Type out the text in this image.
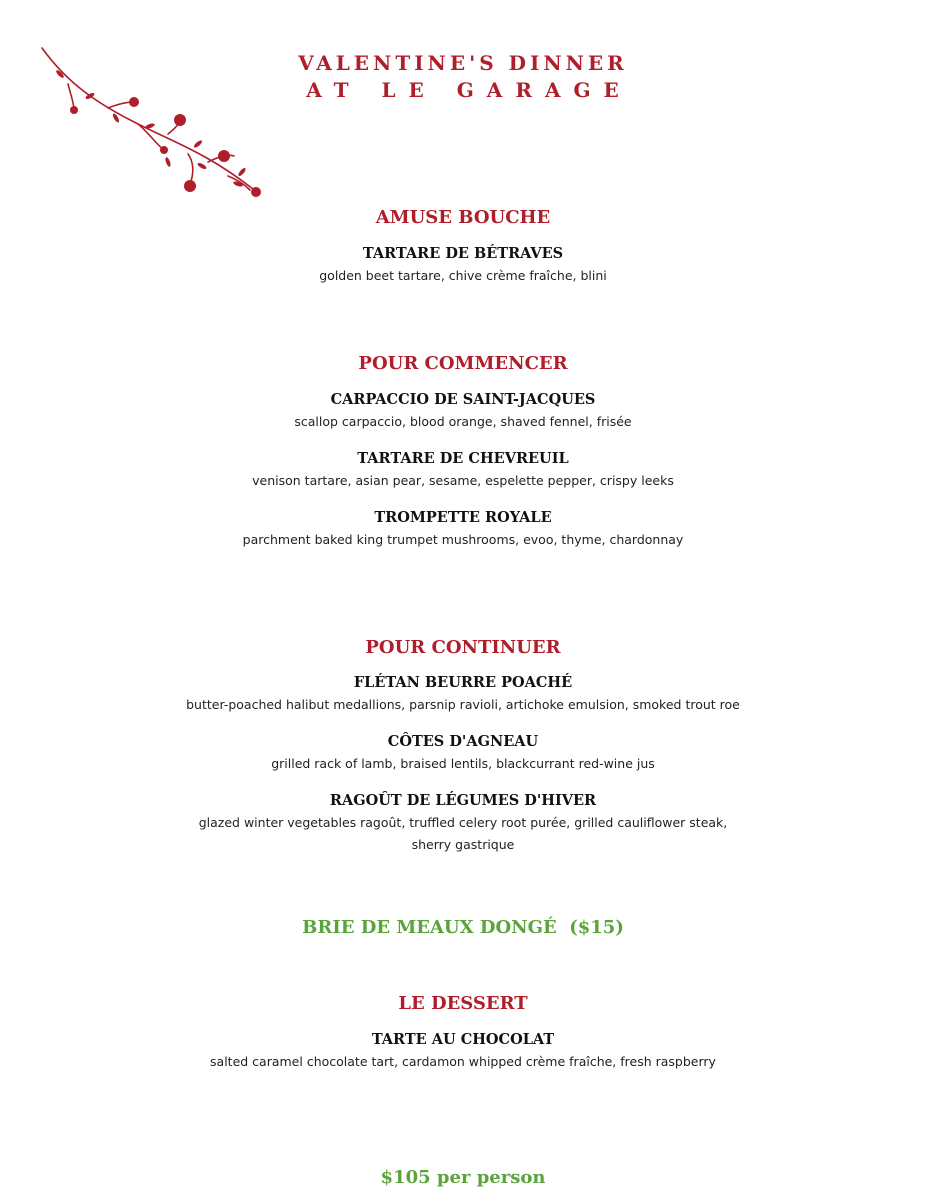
VALENTINE'S DINNER
AT LE GARAGE

AMUSE BOUCHE

TARTARE DE BÉTRAVES

golden beet tartare, chive crème fraîche, blini

POUR COMMENCER

CARPACCIO DE SAINT-JACQUES

scallop carpaccio, blood orange, shaved fennel, frisée

TARTARE DE CHEVREUIL

venison tartare, asian pear, sesame, espelette pepper, crispy leeks

TROMPETTE ROYALE

parchment baked king trumpet mushrooms, evoo, thyme, chardonnay

POUR CONTINUER

FLÉTAN BEURRE POACHÉ

butter-poached halibut medallions, parsnip ravioli, artichoke emulsion, smoked trout roe

CÔTES D'AGNEAU

grilled rack of lamb, braised lentils, blackcurrant red-wine jus

RAGOÛT DE LÉGUMES D'HIVER

glazed winter vegetables ragoût, truffled celery root purée, grilled cauliflower steak, sherry gastrique

BRIE DE MEAUX DONGÉ  ($15)

LE DESSERT

TARTE AU CHOCOLAT

salted caramel chocolate tart, cardamon whipped crème fraîche, fresh raspberry

$105 per person
